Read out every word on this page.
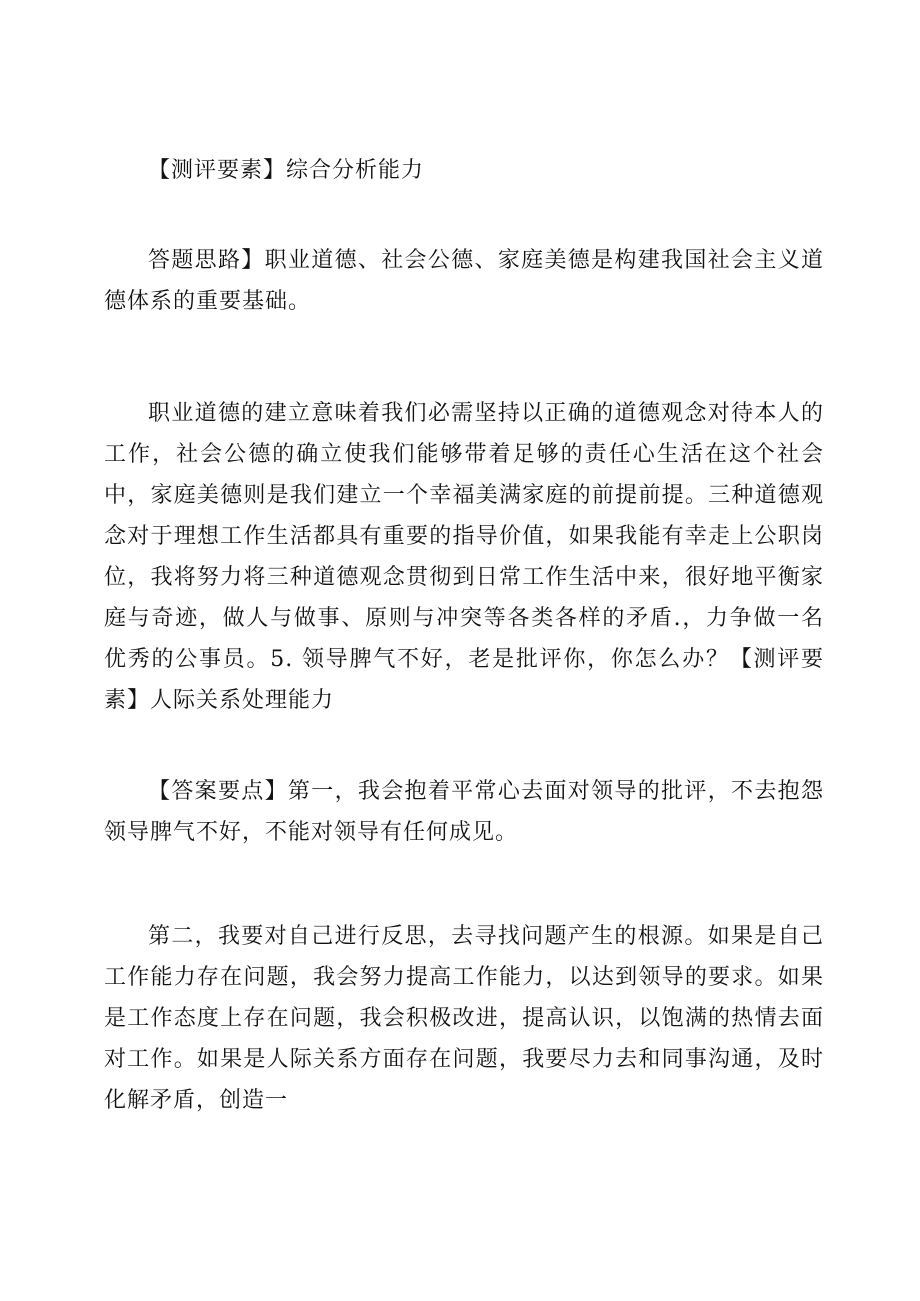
【测评要素】综合分析能力

答题思路】职业道德、社会公德、家庭美德是构建我国社会主义道德体系的重要基础。

职业道德的建立意味着我们必需坚持以正确的道德观念对待本人的工作，社会公德的确立使我们能够带着足够的责任心生活在这个社会中，家庭美德则是我们建立一个幸福美满家庭的前提前提。三种道德观念对于理想工作生活都具有重要的指导价值，如果我能有幸走上公职岗位，我将努力将三种道德观念贯彻到日常工作生活中来，很好地平衡家庭与奇迹，做人与做事、原则与冲突等各类各样的矛盾.，力争做一名优秀的公事员。5. 领导脾气不好，老是批评你，你怎么办？【测评要素】人际关系处理能力

【答案要点】第一，我会抱着平常心去面对领导的批评，不去抱怨领导脾气不好，不能对领导有任何成见。

第二，我要对自己进行反思，去寻找问题产生的根源。如果是自己工作能力存在问题，我会努力提高工作能力，以达到领导的要求。如果是工作态度上存在问题，我会积极改进，提高认识，以饱满的热情去面对工作。如果是人际关系方面存在问题，我要尽力去和同事沟通，及时化解矛盾，创造一
